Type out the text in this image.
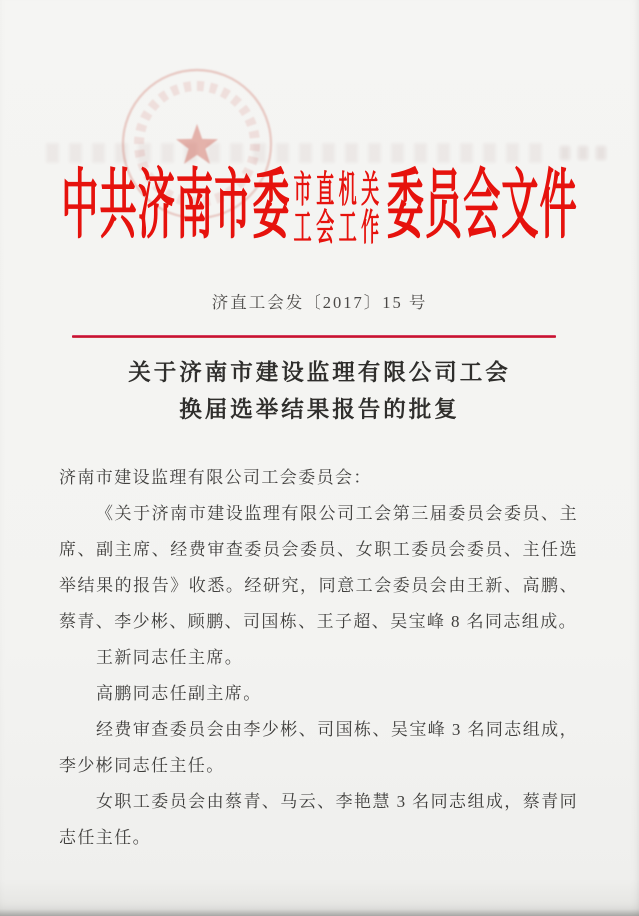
中共济南市委 市直机关
工会工作 委员会文件
济直工会发〔2017〕15 号
关于济南市建设监理有限公司工会
换届选举结果报告的批复

济南市建设监理有限公司工会委员会：

《关于济南市建设监理有限公司工会第三届委员会委员、主席、副主席、经费审查委员会委员、女职工委员会委员、主任选举结果的报告》收悉。经研究，同意工会委员会由王新、高鹏、蔡青、李少彬、顾鹏、司国栋、王子超、吴宝峰 8 名同志组成。

王新同志任主席。

高鹏同志任副主席。

经费审查委员会由李少彬、司国栋、吴宝峰 3 名同志组成，李少彬同志任主任。

女职工委员会由蔡青、马云、李艳慧 3 名同志组成，蔡青同志任主任。
